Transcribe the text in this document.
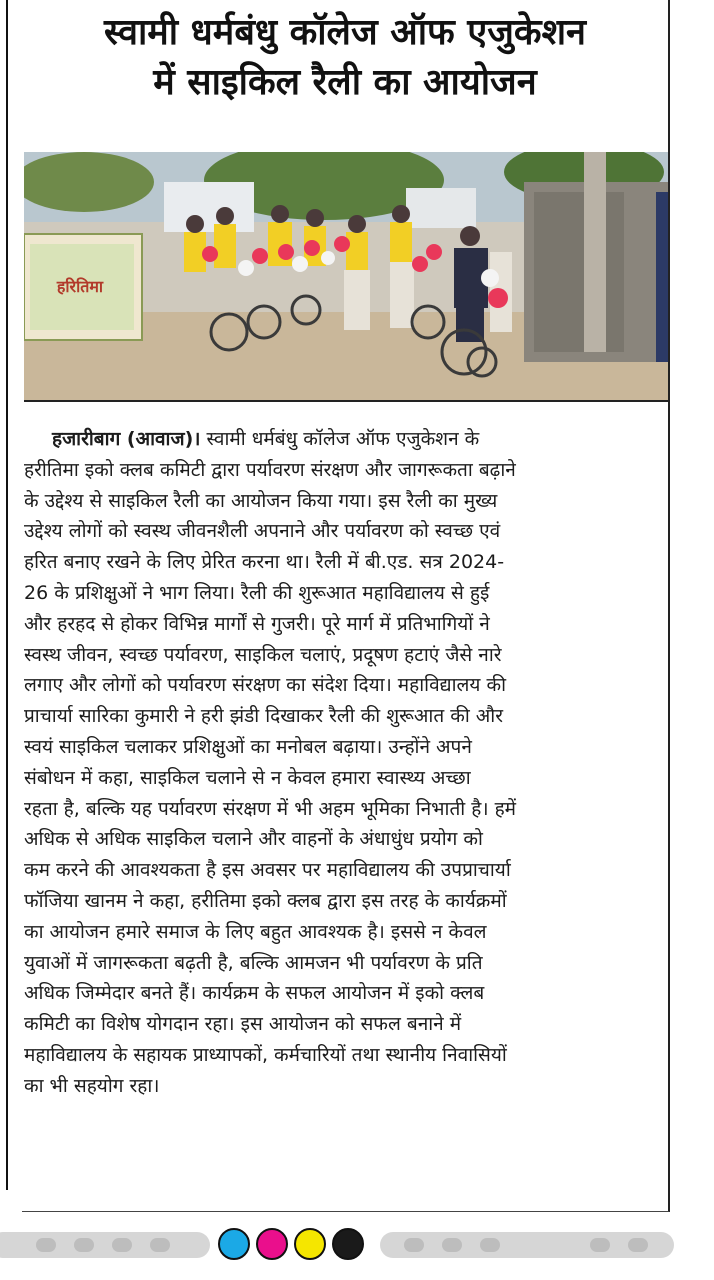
स्वामी धर्मबंधु कॉलेज ऑफ एजुकेशन
में साइकिल रैली का आयोजन
हरितिमा
हजारीबाग (आवाज)। स्वामी धर्मबंधु कॉलेज ऑफ एजुकेशन के
हरीतिमा इको क्लब कमिटी द्वारा पर्यावरण संरक्षण और जागरूकता बढ़ाने
के उद्देश्य से साइकिल रैली का आयोजन किया गया। इस रैली का मुख्य
उद्देश्य लोगों को स्वस्थ जीवनशैली अपनाने और पर्यावरण को स्वच्छ एवं
हरित बनाए रखने के लिए प्रेरित करना था। रैली में बी.एड. सत्र 2024-
26 के प्रशिक्षुओं ने भाग लिया। रैली की शुरूआत महाविद्यालय से हुई
और हरहद से होकर विभिन्न मार्गों से गुजरी। पूरे मार्ग में प्रतिभागियों ने
स्वस्थ जीवन, स्वच्छ पर्यावरण, साइकिल चलाएं, प्रदूषण हटाएं जैसे नारे
लगाए और लोगों को पर्यावरण संरक्षण का संदेश दिया। महाविद्यालय की
प्राचार्या सारिका कुमारी ने हरी झंडी दिखाकर रैली की शुरूआत की और
स्वयं साइकिल चलाकर प्रशिक्षुओं का मनोबल बढ़ाया। उन्होंने अपने
संबोधन में कहा, साइकिल चलाने से न केवल हमारा स्वास्थ्य अच्छा
रहता है, बल्कि यह पर्यावरण संरक्षण में भी अहम भूमिका निभाती है। हमें
अधिक से अधिक साइकिल चलाने और वाहनों के अंधाधुंध प्रयोग को
कम करने की आवश्यकता है इस अवसर पर महाविद्यालय की उपप्राचार्या
फॉजिया खानम ने कहा, हरीतिमा इको क्लब द्वारा इस तरह के कार्यक्रमों
का आयोजन हमारे समाज के लिए बहुत आवश्यक है। इससे न केवल
युवाओं में जागरूकता बढ़ती है, बल्कि आमजन भी पर्यावरण के प्रति
अधिक जिम्मेदार बनते हैं। कार्यक्रम के सफल आयोजन में इको क्लब
कमिटी का विशेष योगदान रहा। इस आयोजन को सफल बनाने में
महाविद्यालय के सहायक प्राध्यापकों, कर्मचारियों तथा स्थानीय निवासियों
का भी सहयोग रहा।
